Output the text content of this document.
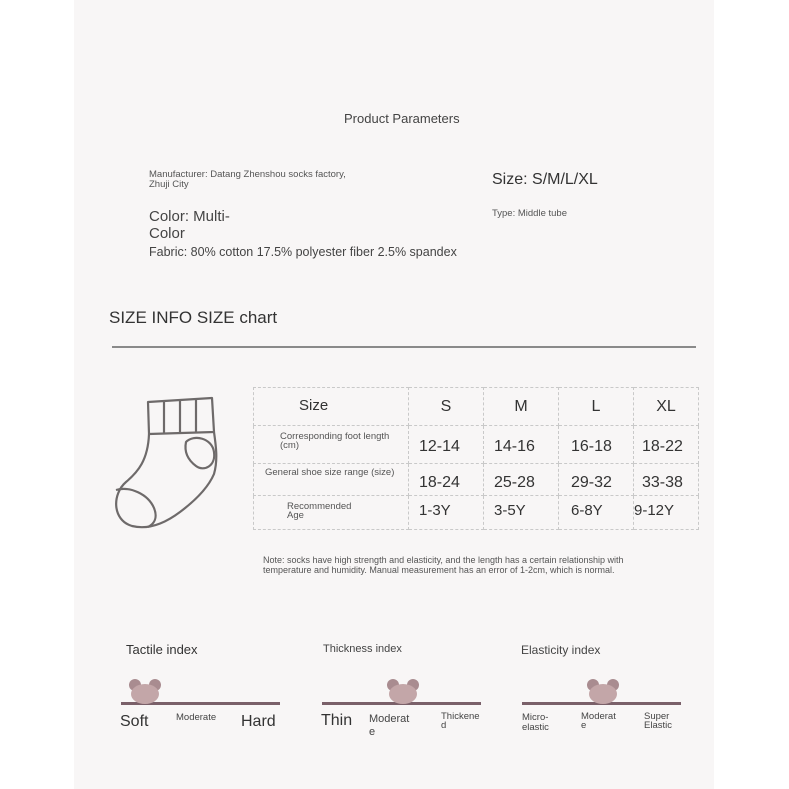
Product Parameters
Manufacturer: Datang Zhenshou socks factory,
Zhuji City	Size: S/M/L/XL
Color: Multi-
Color
Type: Middle tube
Fabric: 80% cotton 17.5% polyester fiber 2.5% spandex
SIZE INFO SIZE chart
Size	S	M	L	XL

Corresponding foot length
(cm)	12-14	14-16	16-18	18-22

General shoe size range (size)	18-24	25-28	29-32	33-38

Recommended
Age	1-3Y	3-5Y	6-8Y	9-12Y
Note: socks have high strength and elasticity, and the length has a certain relationship with
temperature and humidity. Manual measurement has an error of 1-2cm, which is normal.
Tactile index
Soft	Moderate Hard
Thickness index
Thin Moderat
e
Thickene
d
Elasticity index
Micro-
elastic
Moderat
e
Super
Elastic
